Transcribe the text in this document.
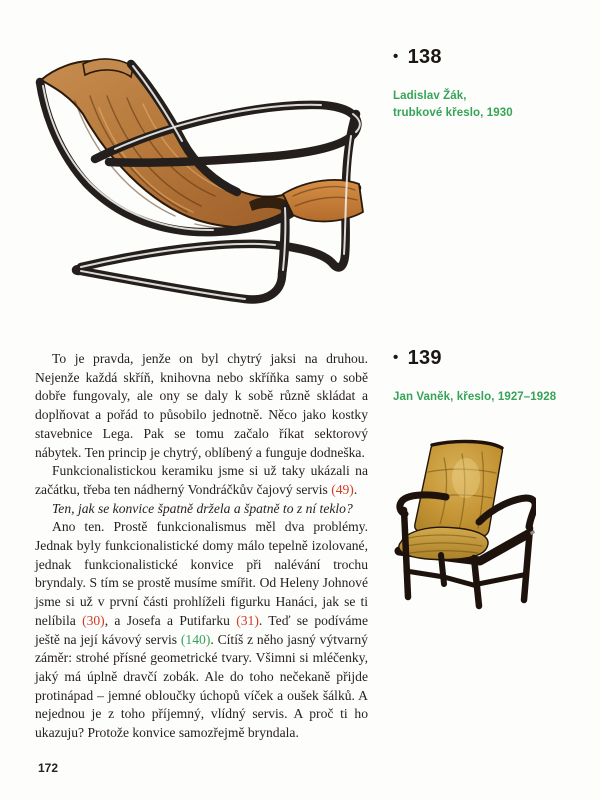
• 138
Ladislav Žák,
trubkové křeslo, 1930

To je pravda, jenže on byl chytrý jaksi na druhou. Nejenže každá skříň, knihovna nebo skříňka samy o sobě dobře fungovaly, ale ony se daly k sobě různě skládat a doplňovat a pořád to působilo jednotně. Něco jako kostky stavebnice Lega. Pak se tomu začalo říkat sektorový nábytek. Ten princip je chytrý, oblíbený a funguje dodneška.

Funkcionalistickou keramiku jsme si už taky ukázali na začátku, třeba ten nádherný Vondráčkův čajový servis (49).

Ten, jak se konvice špatně držela a špatně to z ní teklo?

Ano ten. Prostě funkcionalismus měl dva problémy. Jednak byly funkcionalistické domy málo tepelně izolované, jednak funkcionalistické konvice při nalévání trochu bryndaly. S tím se prostě musíme smířit. Od Heleny Johnové jsme si už v první části prohlíželi figurku Hanáci, jak se ti nelíbila (30), a Josefa a Putifarku (31). Teď se podíváme ještě na její kávový servis (140). Cítíš z něho jasný výtvarný záměr: strohé přísné geometrické tvary. Všimni si mléčenky, jaký má úplně dravčí zobák. Ale do toho nečekaně přijde protinápad – jemné obloučky úchopů víček a oušek šálků. A nejednou je z toho příjemný, vlídný servis. A proč ti ho ukazuju? Protože konvice samozřejmě bryndala.

• 139
Jan Vaněk, křeslo, 1927–1928
172
